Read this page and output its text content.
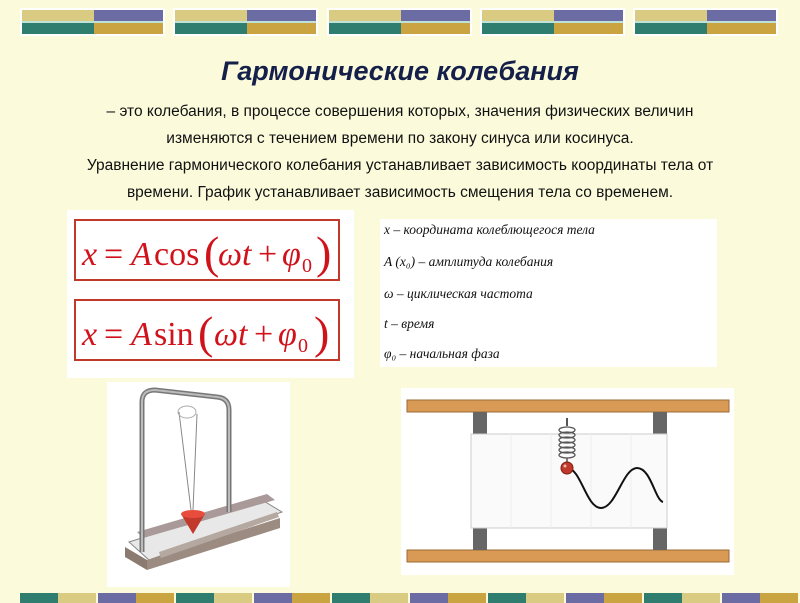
Гармонические колебания

– это колебания, в процессе совершения которых, значения физических величин
изменяются с течением времени по закону синуса или косинуса.

Уравнение гармонического колебания устанавливает зависимость координаты тела от
времени. График устанавливает зависимость смещения тела со временем.

x = A cos (
ω t + φ 0 )
x = A sin ( ω t + φ 0 )
x – координата колеблющегося тела
A (x₀) – амплитуда колебания
ω – циклическая частота
t – время
φ₀ – начальная фаза
